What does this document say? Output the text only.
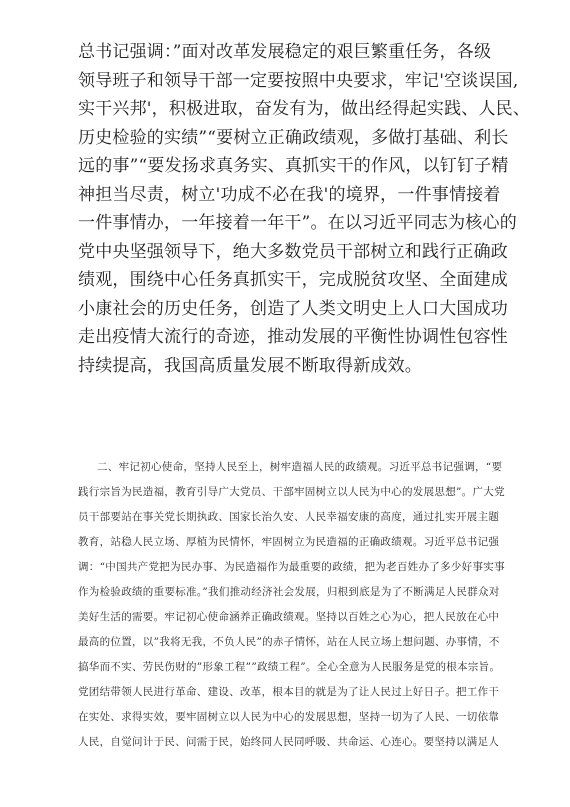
总书记强调：”面对改革发展稳定的艰巨繁重任务，各级
领导班子和领导干部一定要按照中央要求，牢记'空谈误国,
实干兴邦'，积极进取，奋发有为，做出经得起实践、人民、
历史检验的实绩”“要树立正确政绩观，多做打基础、利长
远的事”“要发扬求真务实、真抓实干的作风，以钉钉子精
神担当尽责，树立'功成不必在我'的境界，一件事情接着
一件事情办，一年接着一年干”。在以习近平同志为核心的
党中央坚强领导下，绝大多数党员干部树立和践行正确政
绩观，围绕中心任务真抓实干，完成脱贫攻坚、全面建成
小康社会的历史任务，创造了人类文明史上人口大国成功
走出疫情大流行的奇迹，推动发展的平衡性协调性包容性
持续提高，我国高质量发展不断取得新成效。
二、牢记初心使命，坚持人民至上，树牢造福人民的政绩观。习近平总书记强调，“要
践行宗旨为民造福，教育引导广大党员、干部牢固树立以人民为中心的发展思想”。广大党
员干部要站在事关党长期执政、国家长治久安、人民幸福安康的高度，通过扎实开展主题
教育，站稳人民立场、厚植为民情怀，牢固树立为民造福的正确政绩观。习近平总书记强
调：“中国共产党把为民办事、为民造福作为最重要的政绩，把为老百姓办了多少好事实事
作为检验政绩的重要标准。”我们推动经济社会发展，归根到底是为了不断满足人民群众对
美好生活的需要。牢记初心使命涵养正确政绩观。坚持以百姓之心为心，把人民放在心中
最高的位置，以”我将无我，不负人民”的赤子情怀，站在人民立场上想问题、办事情，不
搞华而不实、劳民伤财的”形象工程””政绩工程”。全心全意为人民服务是党的根本宗旨。
党团结带领人民进行革命、建设、改革，根本目的就是为了让人民过上好日子。把工作干
在实处、求得实效，要牢固树立以人民为中心的发展思想，坚持一切为了人民、一切依靠
人民，自觉问计于民、问需于民，始终同人民同呼吸、共命运、心连心。要坚持以满足人
